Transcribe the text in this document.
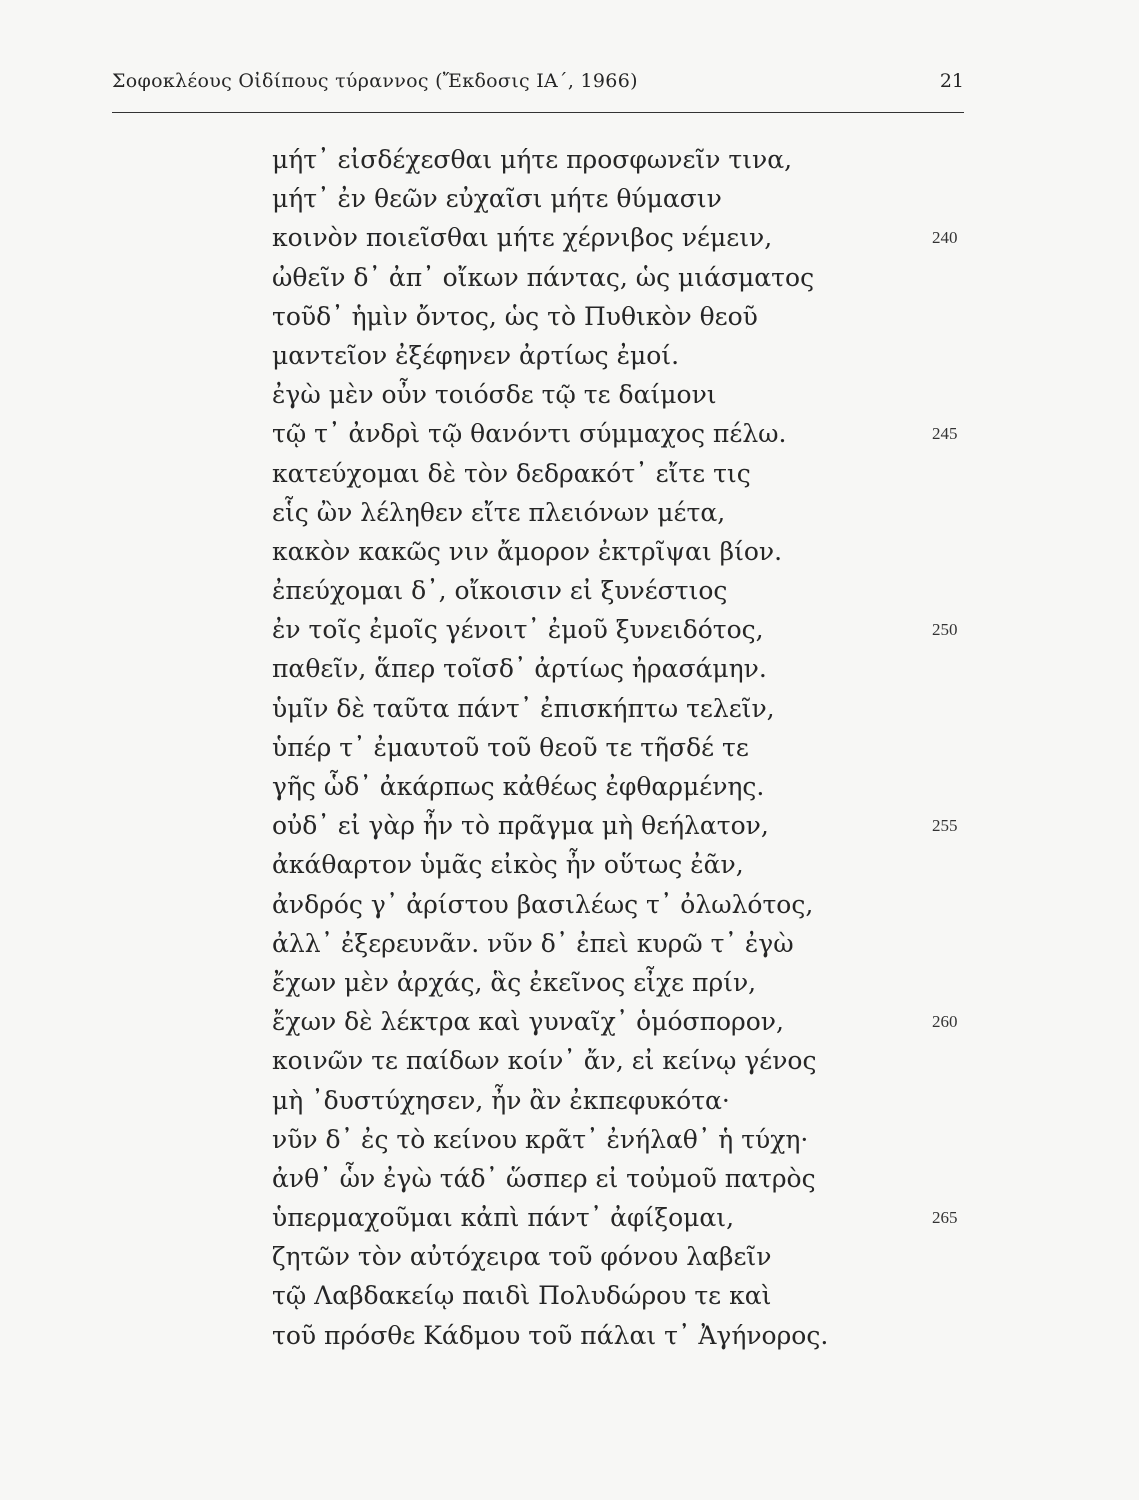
Σοφοκλέους Οἰδίπους τύραννος (Ἔκδοσις ΙΑ΄, 1966)	21
μήτ᾽ εἰσδέχεσθαι μήτε προσφωνεῖν τινα,
μήτ᾽ ἐν θεῶν εὐχαῖσι μήτε θύμασιν
κοινὸν ποιεῖσθαι μήτε χέρνιβος νέμειν,	240
ὠθεῖν δ᾽ ἀπ᾽ οἴκων πάντας, ὡς μιάσματος
τοῦδ᾽ ἡμὶν ὄντος, ὡς τὸ Πυθικὸν θεοῦ
μαντεῖον ἐξέφηνεν ἀρτίως ἐμοί.
ἐγὼ μὲν οὖν τοιόσδε τῷ τε δαίμονι
τῷ τ᾽ ἀνδρὶ τῷ θανόντι σύμμαχος πέλω.	245
κατεύχομαι δὲ τὸν δεδρακότ᾽ εἴτε τις
εἷς ὢν λέληθεν εἴτε πλειόνων μέτα,
κακὸν κακῶς νιν ἄμορον ἐκτρῖψαι βίον.
ἐπεύχομαι δ᾽, οἴκοισιν εἰ ξυνέστιος
ἐν τοῖς ἐμοῖς γένοιτ᾽ ἐμοῦ ξυνειδότος,	250
παθεῖν, ἅπερ τοῖσδ᾽ ἀρτίως ἠρασάμην.
ὑμῖν δὲ ταῦτα πάντ᾽ ἐπισκήπτω τελεῖν,
ὑπέρ τ᾽ ἐμαυτοῦ τοῦ θεοῦ τε τῆσδέ τε
γῆς ὧδ᾽ ἀκάρπως κἀθέως ἐφθαρμένης.
οὐδ᾽ εἰ γὰρ ἦν τὸ πρᾶγμα μὴ θεήλατον,	255
ἀκάθαρτον ὑμᾶς εἰκὸς ἦν οὕτως ἐᾶν,
ἀνδρός γ᾽ ἀρίστου βασιλέως τ᾽ ὀλωλότος,
ἀλλ᾽ ἐξερευνᾶν. νῦν δ᾽ ἐπεὶ κυρῶ τ᾽ ἐγὼ
ἔχων μὲν ἀρχάς, ἃς ἐκεῖνος εἶχε πρίν,
ἔχων δὲ λέκτρα καὶ γυναῖχ᾽ ὁμόσπορον,	260
κοινῶν τε παίδων κοίν᾽ ἄν, εἰ κείνῳ γένος
μὴ ᾽δυστύχησεν, ἦν ἂν ἐκπεφυκότα·
νῦν δ᾽ ἐς τὸ κείνου κρᾶτ᾽ ἐνήλαθ᾽ ἡ τύχη·
ἀνθ᾽ ὧν ἐγὼ τάδ᾽ ὥσπερ εἰ τοὐμοῦ πατρὸς
ὑπερμαχοῦμαι κἀπὶ πάντ᾽ ἀφίξομαι,	265
ζητῶν τὸν αὐτόχειρα τοῦ φόνου λαβεῖν
τῷ Λαβδακείῳ παιδὶ Πολυδώρου τε καὶ
τοῦ πρόσθε Κάδμου τοῦ πάλαι τ᾽ Ἀγήνορος.
